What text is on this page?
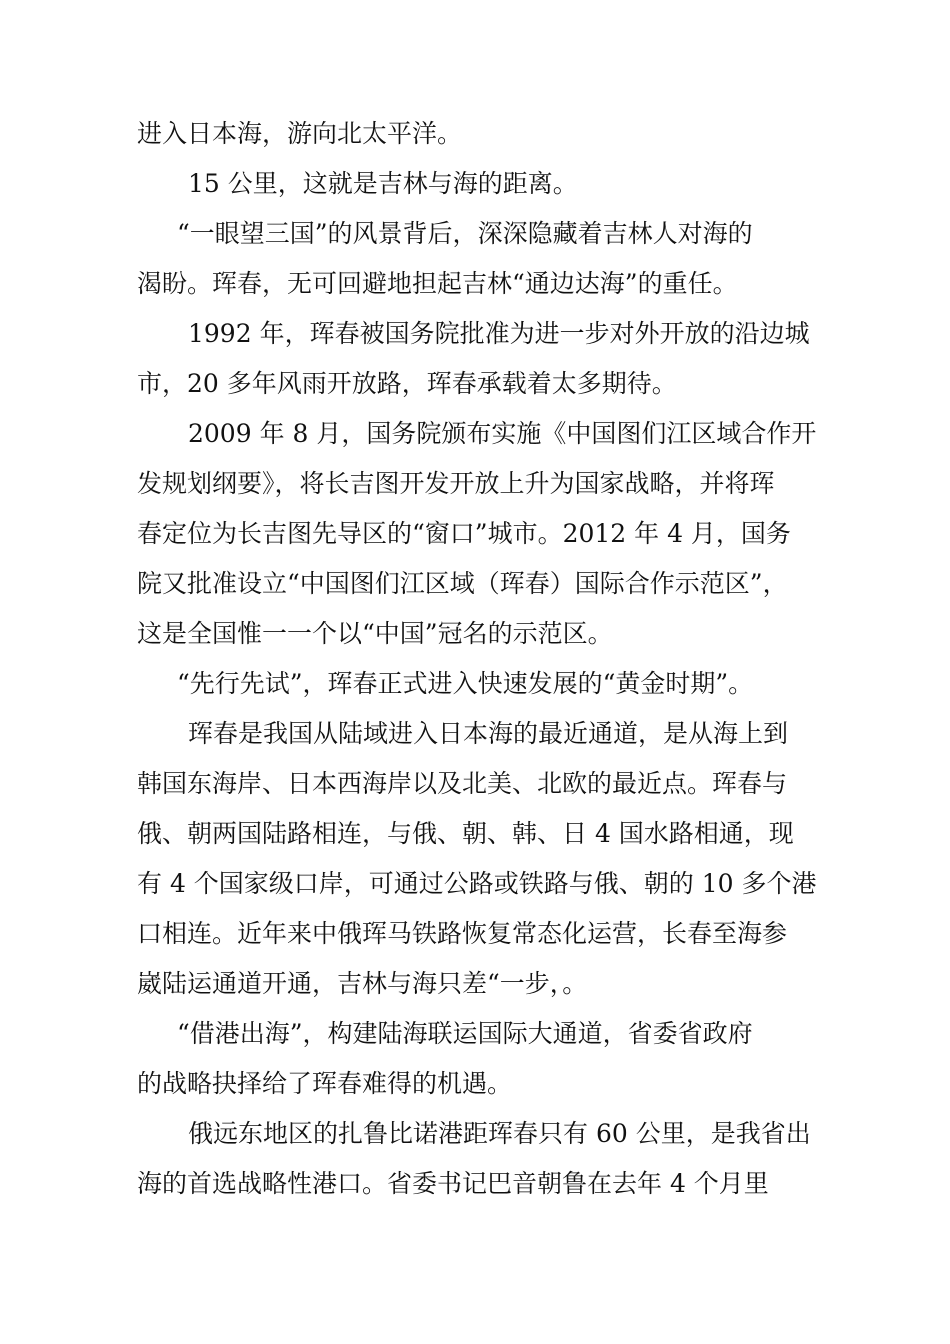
进入日本海，游向北太平洋。
15 公里，这就是吉林与海的距离。
“一眼望三国”的风景背后，深深隐藏着吉林人对海的
渴盼。珲春，无可回避地担起吉林“通边达海”的重任。
1992 年，珲春被国务院批准为进一步对外开放的沿边城
市，20 多年风雨开放路，珲春承载着太多期待。
2009 年 8 月，国务院颁布实施《中国图们江区域合作开
发规划纲要》，将长吉图开发开放上升为国家战略，并将珲
春定位为长吉图先导区的“窗口”城市。2012 年 4 月，国务
院又批准设立“中国图们江区域（珲春）国际合作示范区”，
这是全国惟一一个以“中国”冠名的示范区。
“先行先试”，珲春正式进入快速发展的“黄金时期”。
珲春是我国从陆域进入日本海的最近通道，是从海上到
韩国东海岸、日本西海岸以及北美、北欧的最近点。珲春与
俄、朝两国陆路相连，与俄、朝、韩、日 4 国水路相通，现
有 4 个国家级口岸，可通过公路或铁路与俄、朝的 10 多个港
口相连。近年来中俄珲马铁路恢复常态化运营，长春至海参
崴陆运通道开通，吉林与海只差“一步，。
“借港出海”，构建陆海联运国际大通道，省委省政府
的战略抉择给了珲春难得的机遇。
俄远东地区的扎鲁比诺港距珲春只有 60 公里，是我省出
海的首选战略性港口。省委书记巴音朝鲁在去年 4 个月里
